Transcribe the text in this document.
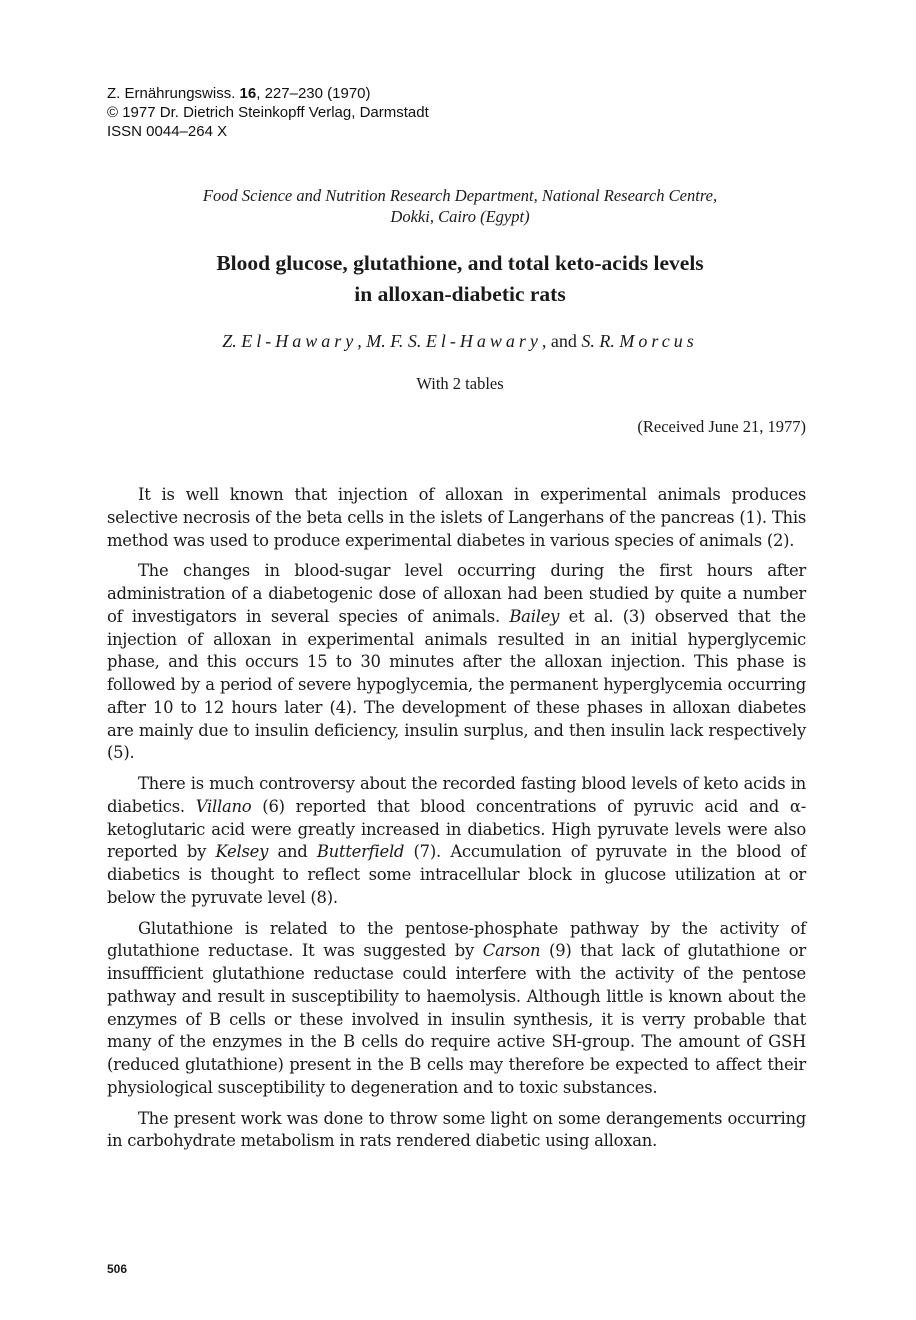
Z. Ernährungswiss. 16, 227–230 (1970)
© 1977 Dr. Dietrich Steinkopff Verlag, Darmstadt
ISSN 0044–264 X
Food Science and Nutrition Research Department, National Research Centre,
Dokki, Cairo (Egypt)
Blood glucose, glutathione, and total keto-acids levels
in alloxan-diabetic rats
Z. El-Hawary, M. F. S. El-Hawary, and S. R. Morcus
With 2 tables
(Received June 21, 1977)

It is well known that injection of alloxan in experimental animals produces selective necrosis of the beta cells in the islets of Langerhans of the pancreas (1). This method was used to produce experimental diabetes in various species of animals (2).

The changes in blood-sugar level occurring during the first hours after administration of a diabetogenic dose of alloxan had been studied by quite a number of investigators in several species of animals. Bailey et al. (3) observed that the injection of alloxan in experimental animals resulted in an initial hyperglycemic phase, and this occurs 15 to 30 minutes after the alloxan injection. This phase is followed by a period of severe hypoglycemia, the permanent hyperglycemia occurring after 10 to 12 hours later (4). The development of these phases in alloxan diabetes are mainly due to insulin deficiency, insulin surplus, and then insulin lack respectively (5).

There is much controversy about the recorded fasting blood levels of keto acids in diabetics. Villano (6) reported that blood concentrations of pyruvic acid and α-ketoglutaric acid were greatly increased in diabetics. High pyruvate levels were also reported by Kelsey and Butterfield (7). Accumulation of pyruvate in the blood of diabetics is thought to reflect some intracellular block in glucose utilization at or below the pyruvate level (8).

Glutathione is related to the pentose-phosphate pathway by the activity of glutathione reductase. It was suggested by Carson (9) that lack of glutathione or insuffficient glutathione reductase could interfere with the activity of the pentose pathway and result in susceptibility to haemolysis. Although little is known about the enzymes of B cells or these involved in insulin synthesis, it is verry probable that many of the enzymes in the B cells do require active SH-group. The amount of GSH (reduced glutathione) present in the B cells may therefore be expected to affect their physiological susceptibility to degeneration and to toxic substances.

The present work was done to throw some light on some derangements occurring in carbohydrate metabolism in rats rendered diabetic using alloxan.

506
